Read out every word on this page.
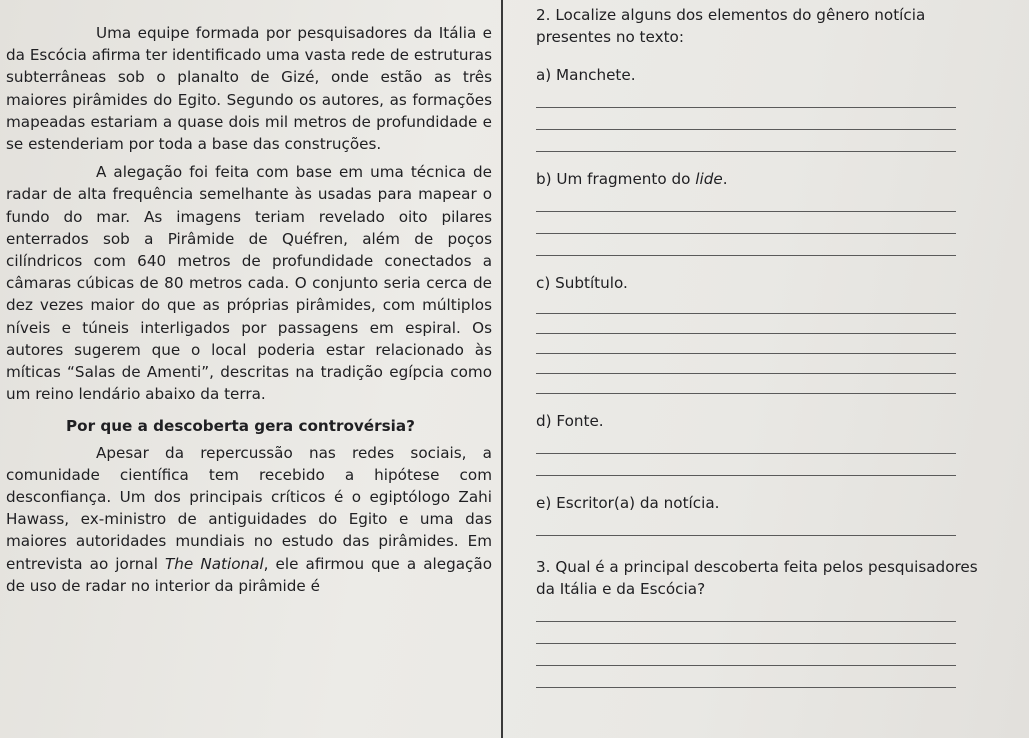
Uma equipe formada por pesquisadores da Itália e da Escócia afirma ter identificado uma vasta rede de estruturas subterrâneas sob o planalto de Gizé, onde estão as três maiores pirâmides do Egito. Segundo os autores, as formações mapeadas estariam a quase dois mil metros de profundidade e se estenderiam por toda a base das construções.

A alegação foi feita com base em uma técnica de radar de alta frequência semelhante às usadas para mapear o fundo do mar. As imagens teriam revelado oito pilares enterrados sob a Pirâmide de Quéfren, além de poços cilíndricos com 640 metros de profundidade conectados a câmaras cúbicas de 80 metros cada. O conjunto seria cerca de dez vezes maior do que as próprias pirâmides, com múltiplos níveis e túneis interligados por passagens em espiral. Os autores sugerem que o local poderia estar relacionado às míticas “Salas de Amenti”, descritas na tradição egípcia como um reino lendário abaixo da terra.

Por que a descoberta gera controvérsia?

Apesar da repercussão nas redes sociais, a comunidade científica tem recebido a hipótese com desconfiança. Um dos principais críticos é o egiptólogo Zahi Hawass, ex-ministro de antiguidades do Egito e uma das maiores autoridades mundiais no estudo das pirâmides. Em entrevista ao jornal The National, ele afirmou que a alegação de uso de radar no interior da pirâmide é

2. Localize alguns dos elementos do gênero notícia presentes no texto:

a) Manchete.

b) Um fragmento do lide.

c) Subtítulo.

d) Fonte.

e) Escritor(a) da notícia.

3. Qual é a principal descoberta feita pelos pesquisadores da Itália e da Escócia?
